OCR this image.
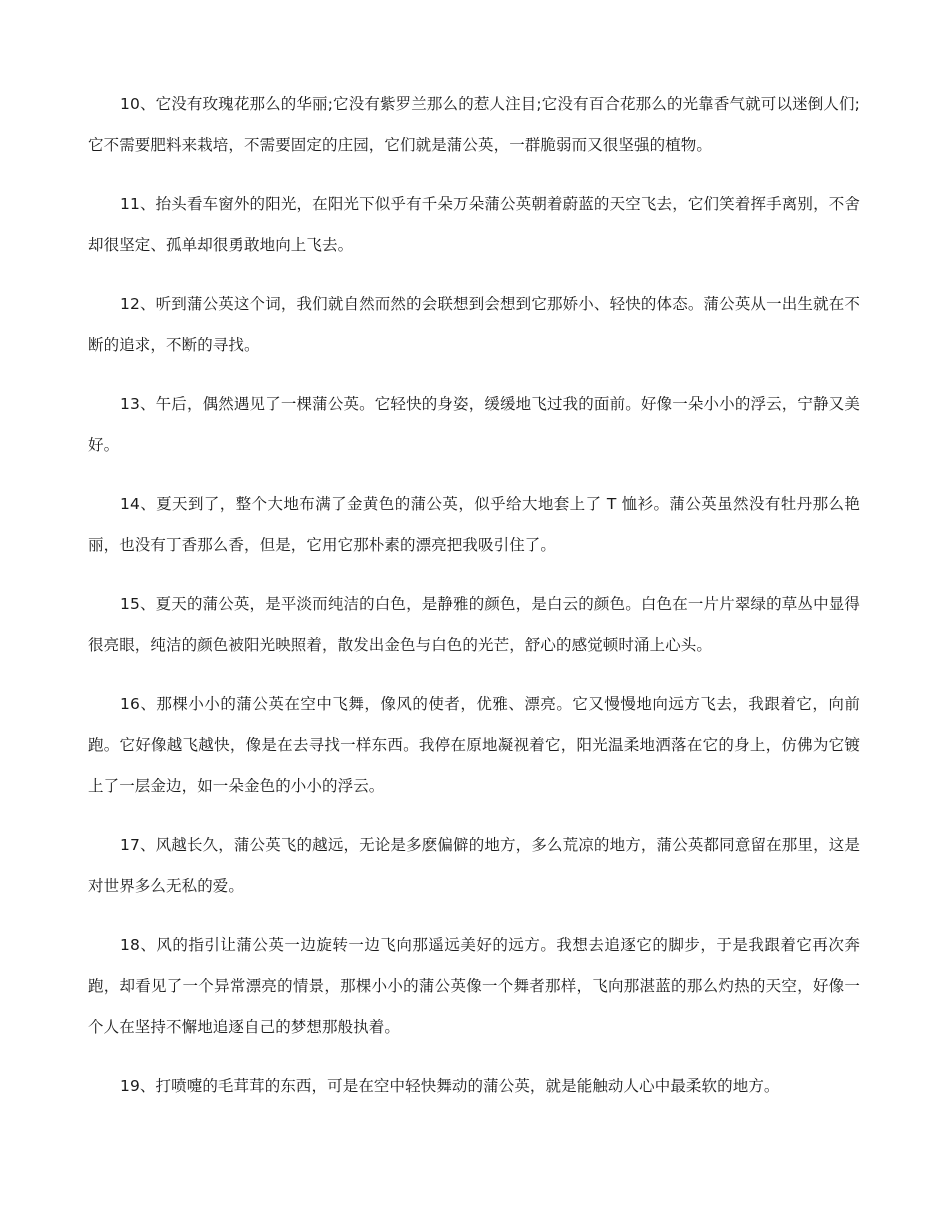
10、它没有玫瑰花那么的华丽;它没有紫罗兰那么的惹人注目;它没有百合花那么的光靠香气就可以迷倒人们;它不需要肥料来栽培，不需要固定的庄园，它们就是蒲公英，一群脆弱而又很坚强的植物。

11、抬头看车窗外的阳光，在阳光下似乎有千朵万朵蒲公英朝着蔚蓝的天空飞去，它们笑着挥手离别，不舍却很坚定、孤单却很勇敢地向上飞去。

12、听到蒲公英这个词，我们就自然而然的会联想到会想到它那娇小、轻快的体态。蒲公英从一出生就在不断的追求，不断的寻找。

13、午后，偶然遇见了一棵蒲公英。它轻快的身姿，缓缓地飞过我的面前。好像一朵小小的浮云，宁静又美好。

14、夏天到了，整个大地布满了金黄色的蒲公英，似乎给大地套上了 T 恤衫。蒲公英虽然没有牡丹那么艳丽，也没有丁香那么香，但是，它用它那朴素的漂亮把我吸引住了。

15、夏天的蒲公英，是平淡而纯洁的白色，是静雅的颜色，是白云的颜色。白色在一片片翠绿的草丛中显得很亮眼，纯洁的颜色被阳光映照着，散发出金色与白色的光芒，舒心的感觉顿时涌上心头。

16、那棵小小的蒲公英在空中飞舞，像风的使者，优雅、漂亮。它又慢慢地向远方飞去，我跟着它，向前跑。它好像越飞越快，像是在去寻找一样东西。我停在原地凝视着它，阳光温柔地洒落在它的身上，仿佛为它镀上了一层金边，如一朵金色的小小的浮云。

17、风越长久，蒲公英飞的越远，无论是多麽偏僻的地方，多么荒凉的地方，蒲公英都同意留在那里，这是对世界多么无私的爱。

18、风的指引让蒲公英一边旋转一边飞向那遥远美好的远方。我想去追逐它的脚步，于是我跟着它再次奔跑，却看见了一个异常漂亮的情景，那棵小小的蒲公英像一个舞者那样，飞向那湛蓝的那么灼热的天空，好像一个人在坚持不懈地追逐自己的梦想那般执着。

19、打喷嚏的毛茸茸的东西，可是在空中轻快舞动的蒲公英，就是能触动人心中最柔软的地方。
